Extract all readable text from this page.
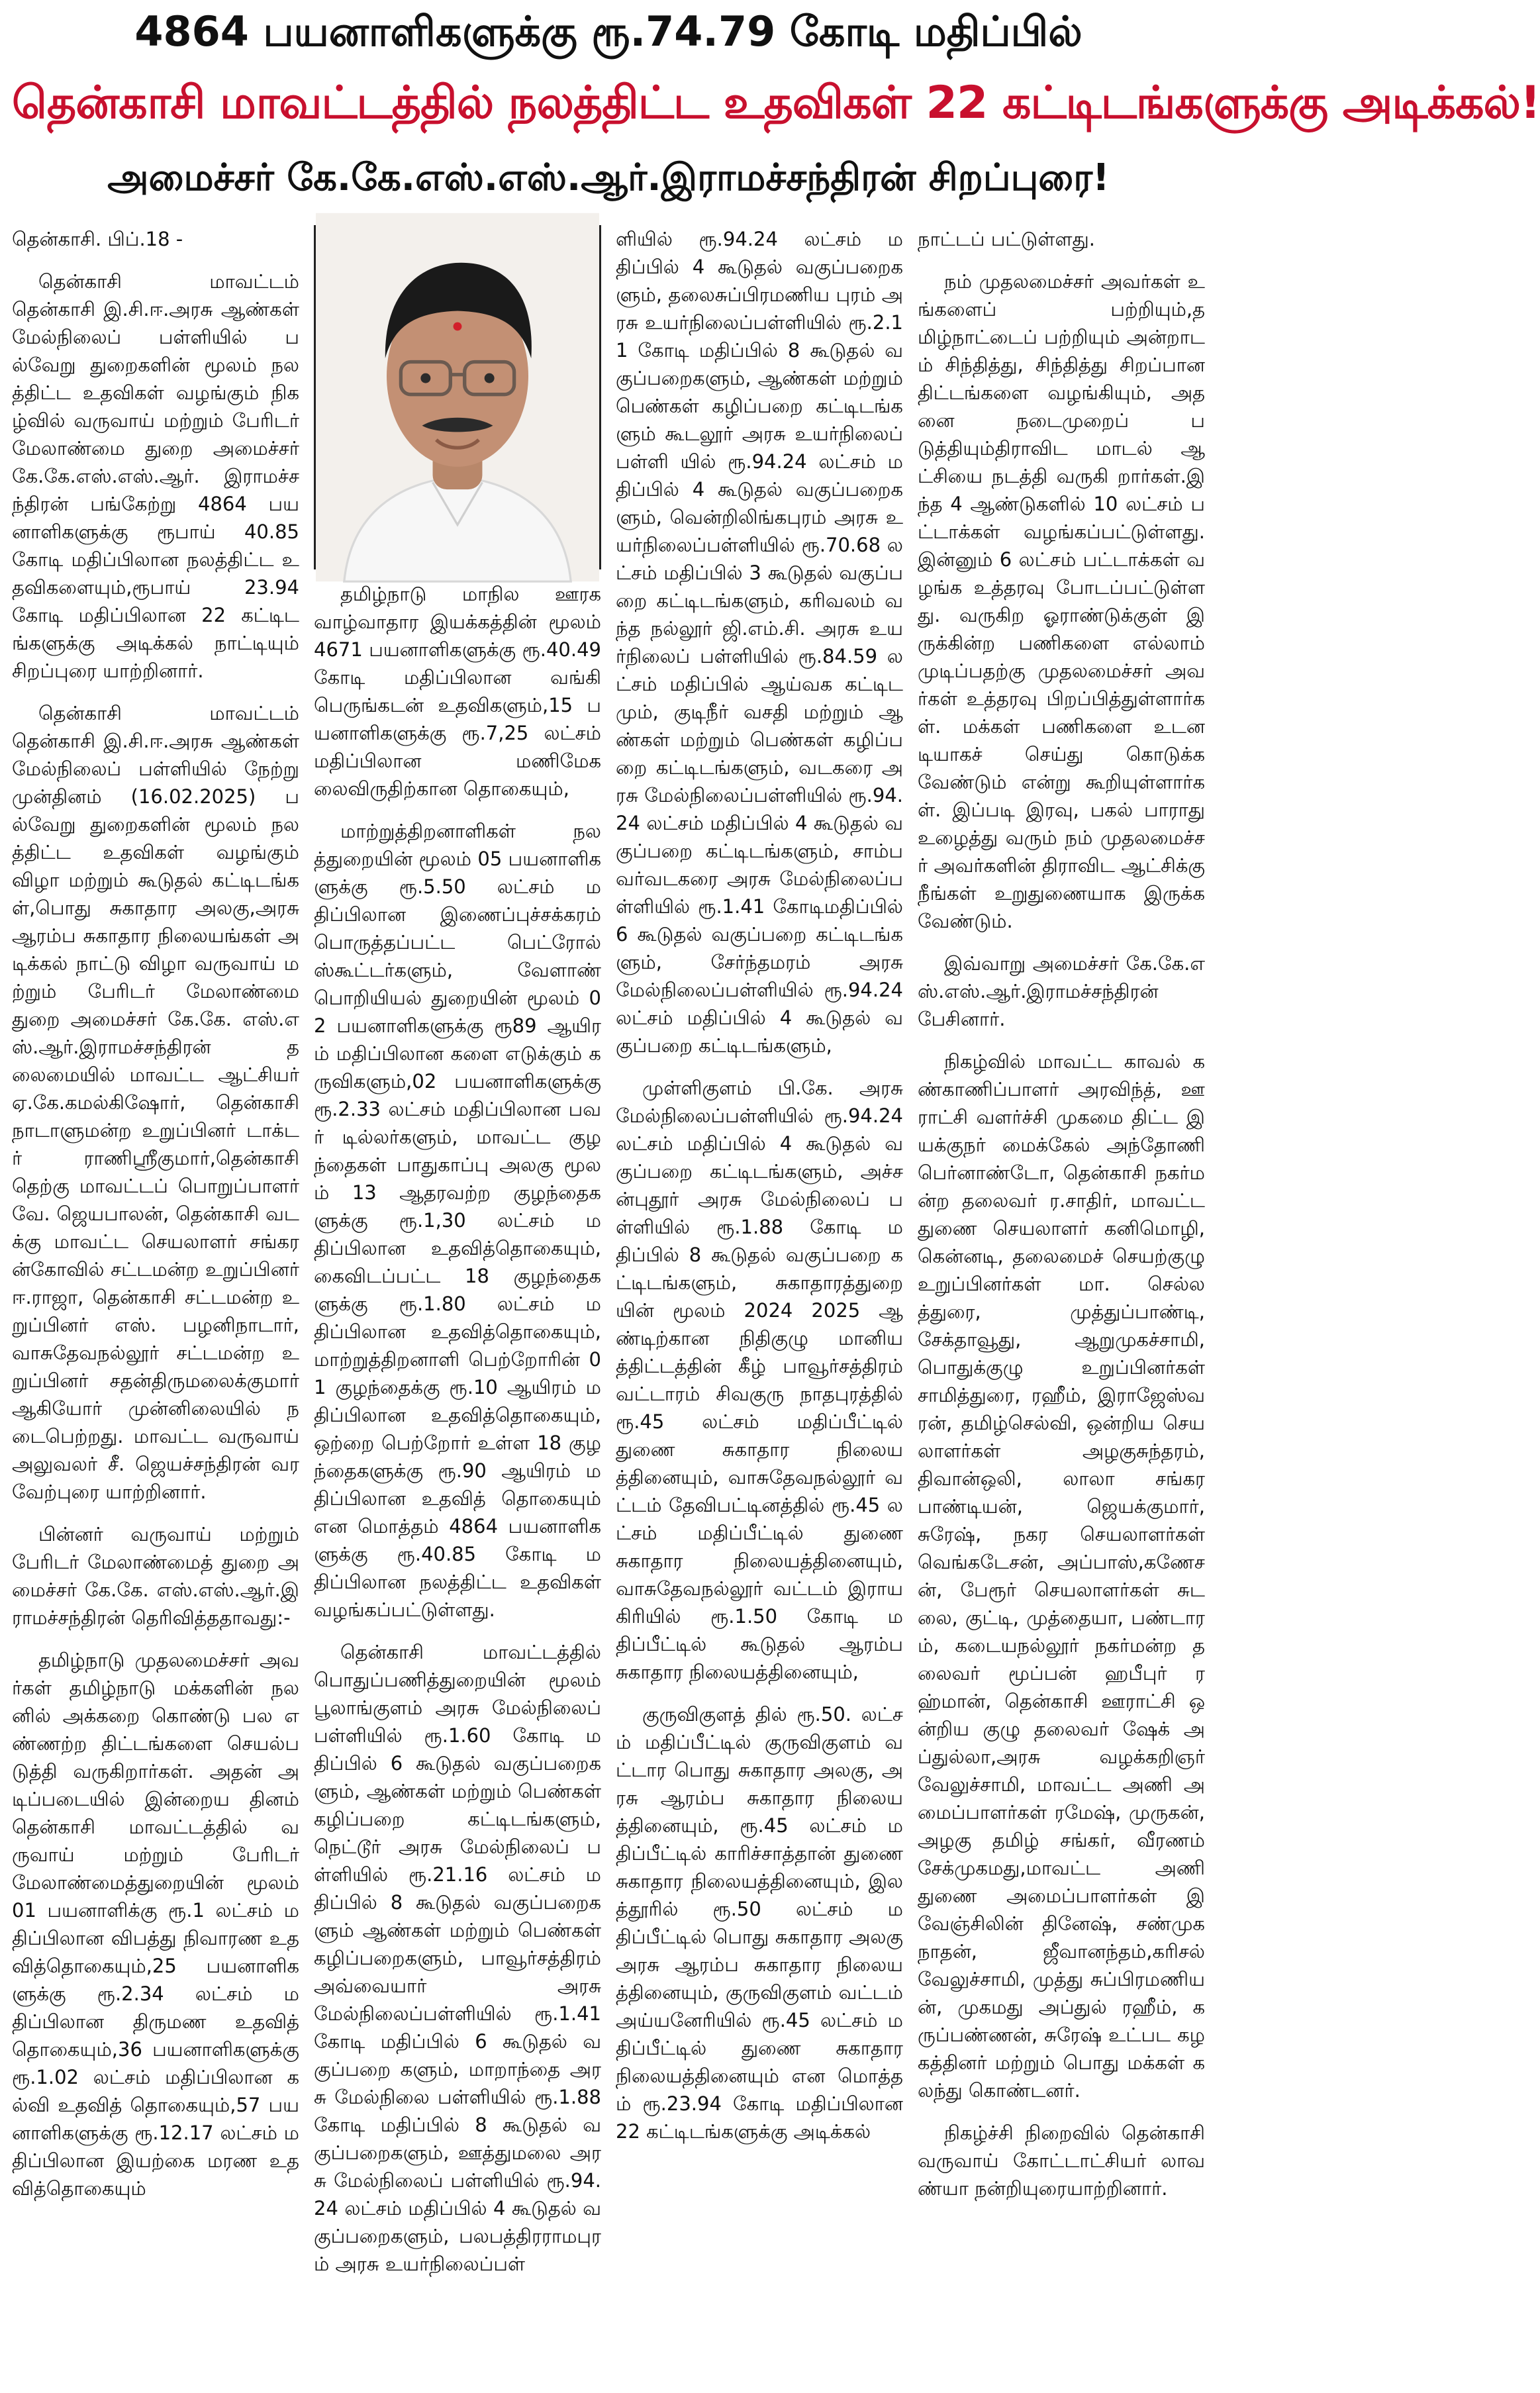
4864 பயனாளிகளுக்கு ரூ.74.79 கோடி மதிப்பில்
தென்காசி மாவட்டத்தில் நலத்திட்ட உதவிகள் 22 கட்டிடங்களுக்கு அடிக்கல்!
அமைச்சர் கே.கே.எஸ்.எஸ்.ஆர்.இராமச்சந்திரன் சிறப்புரை!

தென்காசி. பிப்.18 -

தென்காசி மாவட்டம் தென்காசி இ.சி.ஈ.அரசு ஆண்கள் மேல்நிலைப் பள்ளியில் பல்வேறு துறைகளின் மூலம் நலத்திட்ட உதவிகள் வழங்கும் நிகழ்வில் வருவாய் மற்றும் பேரிடர் மேலாண்மை துறை அமைச்சர் கே.கே.எஸ்.எஸ்.ஆர். இராமச்சந்திரன் பங்கேற்று 4864 பயனாளிகளுக்கு ரூபாய் 40.85 கோடி மதிப்பிலான நலத்திட்ட உதவிகளையும்,ரூபாய் 23.94 கோடி மதிப்பிலான 22 கட்டிடங்களுக்கு அடிக்கல் நாட்டியும் சிறப்புரை யாற்றினார்.

தென்காசி மாவட்டம் தென்காசி இ.சி.ஈ.அரசு ஆண்கள் மேல்நிலைப் பள்ளியில் நேற்று முன்தினம் (16.02.2025) பல்வேறு துறைகளின் மூலம் நலத்திட்ட உதவிகள் வழங்கும் விழா மற்றும் கூடுதல் கட்டிடங்கள்,பொது சுகாதார அலகு,அரசு ஆரம்ப சுகாதார நிலையங்கள் அடிக்கல் நாட்டு விழா வருவாய் மற்றும் பேரிடர் மேலாண்மை துறை அமைச்சர் கே.கே. எஸ்.எஸ்.ஆர்.இராமச்சந்திரன் தலைமையில் மாவட்ட ஆட்சியர் ஏ.கே.கமல்கிஷோர், தென்காசி நாடாளுமன்ற உறுப்பினர் டாக்டர் ராணிஸ்ரீகுமார்,தென்காசி தெற்கு மாவட்டப் பொறுப்பாளர் வே. ஜெயபாலன், தென்காசி வடக்கு மாவட்ட செயலாளர் சங்கரன்கோவில் சட்டமன்ற உறுப்பினர் ஈ.ராஜா, தென்காசி சட்டமன்ற உறுப்பினர் எஸ். பழனிநாடார், வாசுதேவநல்லூர் சட்டமன்ற உறுப்பினர் சதன்திருமலைக்குமார் ஆகியோர் முன்னிலையில் நடைபெற்றது. மாவட்ட வருவாய் அலுவலர் சீ. ஜெயச்சந்திரன் வரவேற்புரை யாற்றினார்.

பின்னர் வருவாய் மற்றும் பேரிடர் மேலாண்மைத் துறை அமைச்சர் கே.கே. எஸ்.எஸ்.ஆர்.இராமச்சந்திரன் தெரிவித்ததாவது:-

தமிழ்நாடு முதலமைச்சர் அவர்கள் தமிழ்நாடு மக்களின் நலனில் அக்கறை கொண்டு பல எண்ணற்ற திட்டங்களை செயல்படுத்தி வருகிறார்கள். அதன் அடிப்படையில் இன்றைய தினம் தென்காசி மாவட்டத்தில் வருவாய் மற்றும் பேரிடர் மேலாண்மைத்துறையின் மூலம் 01 பயனாளிக்கு ரூ.1 லட்சம் மதிப்பிலான விபத்து நிவாரண உதவித்தொகையும்,25 பயனாளிகளுக்கு ரூ.2.34 லட்சம் மதிப்பிலான திருமண உதவித் தொகையும்,36 பயனாளிகளுக்கு ரூ.1.02 லட்சம் மதிப்பிலான கல்வி உதவித் தொகையும்,57 பயனாளிகளுக்கு ரூ.12.17 லட்சம் மதிப்பிலான இயற்கை மரண உதவித்தொகையும்

தமிழ்நாடு மாநில ஊரக வாழ்வாதார இயக்கத்தின் மூலம் 4671 பயனாளிகளுக்கு ரூ.40.49 கோடி மதிப்பிலான வங்கி பெருங்கடன் உதவிகளும்,15 பயனாளிகளுக்கு ரூ.7,25 லட்சம் மதிப்பிலான மணிமேகலைவிருதிற்கான தொகையும்,

மாற்றுத்திறனாளிகள் நலத்துறையின் மூலம் 05 பயனாளிகளுக்கு ரூ.5.50 லட்சம் மதிப்பிலான இணைப்புச்சக்கரம் பொருத்தப்பட்ட பெட்ரோல் ஸ்கூட்டர்களும், வேளாண் பொறியியல் துறையின் மூலம் 02 பயனாளிகளுக்கு ரூ89 ஆயிரம் மதிப்பிலான களை எடுக்கும் கருவிகளும்,02 பயனாளிகளுக்கு ரூ.2.33 லட்சம் மதிப்பிலான பவர் டில்லர்களும், மாவட்ட குழந்தைகள் பாதுகாப்பு அலகு மூலம் 13 ஆதரவற்ற குழந்தைகளுக்கு ரூ.1,30 லட்சம் மதிப்பிலான உதவித்தொகையும், கைவிடப்பட்ட 18 குழந்தைகளுக்கு ரூ.1.80 லட்சம் மதிப்பிலான உதவித்தொகையும், மாற்றுத்திறனாளி பெற்றோரின் 01 குழந்தைக்கு ரூ.10 ஆயிரம் மதிப்பிலான உதவித்தொகையும், ஒற்றை பெற்றோர் உள்ள 18 குழந்தைகளுக்கு ரூ.90 ஆயிரம் மதிப்பிலான உதவித் தொகையும் என மொத்தம் 4864 பயனாளிகளுக்கு ரூ.40.85 கோடி மதிப்பிலான நலத்திட்ட உதவிகள் வழங்கப்பட்டுள்ளது.

தென்காசி மாவட்டத்தில் பொதுப்பணித்துறையின் மூலம் பூலாங்குளம் அரசு மேல்நிலைப் பள்ளியில் ரூ.1.60 கோடி மதிப்பில் 6 கூடுதல் வகுப்பறைகளும், ஆண்கள் மற்றும் பெண்கள் கழிப்பறை கட்டிடங்களும், நெட்டூர் அரசு மேல்நிலைப் பள்ளியில் ரூ.21.16 லட்சம் மதிப்பில் 8 கூடுதல் வகுப்பறைகளும் ஆண்கள் மற்றும் பெண்கள் கழிப்பறைகளும், பாவூர்சத்திரம் அவ்வையார் அரசு மேல்நிலைப்பள்ளியில் ரூ.1.41 கோடி மதிப்பில் 6 கூடுதல் வகுப்பறை களும், மாறாந்தை அரசு மேல்நிலை பள்ளியில் ரூ.1.88 கோடி மதிப்பில் 8 கூடுதல் வகுப்பறைகளும், ஊத்துமலை அரசு மேல்நிலைப் பள்ளியில் ரூ.94.24 லட்சம் மதிப்பில் 4 கூடுதல் வகுப்பறைகளும், பலபத்திரராமபுரம் அரசு உயர்நிலைப்பள்

ளியில் ரூ.94.24 லட்சம் மதிப்பில் 4 கூடுதல் வகுப்பறைகளும், தலைசுப்பிரமணிய புரம் அரசு உயர்நிலைப்பள்ளியில் ரூ.2.11 கோடி மதிப்பில் 8 கூடுதல் வகுப்பறைகளும், ஆண்கள் மற்றும் பெண்கள் கழிப்பறை கட்டிடங்களும் கூடலூர் அரசு உயர்நிலைப் பள்ளி யில் ரூ.94.24 லட்சம் மதிப்பில் 4 கூடுதல் வகுப்பறைகளும், வென்றிலிங்கபுரம் அரசு உயர்நிலைப்பள்ளியில் ரூ.70.68 லட்சம் மதிப்பில் 3 கூடுதல் வகுப்பறை கட்டிடங்களும், கரிவலம் வந்த நல்லூர் ஜி.எம்.சி. அரசு உயர்நிலைப் பள்ளியில் ரூ.84.59 லட்சம் மதிப்பில் ஆய்வக கட்டிடமும், குடிநீர் வசதி மற்றும் ஆண்கள் மற்றும் பெண்கள் கழிப்பறை கட்டிடங்களும், வடகரை அரசு மேல்நிலைப்பள்ளியில் ரூ.94.24 லட்சம் மதிப்பில் 4 கூடுதல் வகுப்பறை கட்டிடங்களும், சாம்பவர்வடகரை அரசு மேல்நிலைப்பள்ளியில் ரூ.1.41 கோடிமதிப்பில் 6 கூடுதல் வகுப்பறை கட்டிடங்களும், சேர்ந்தமரம் அரசு மேல்நிலைப்பள்ளியில் ரூ.94.24 லட்சம் மதிப்பில் 4 கூடுதல் வகுப்பறை கட்டிடங்களும்,

முள்ளிகுளம் பி.கே. அரசு மேல்நிலைப்பள்ளியில் ரூ.94.24 லட்சம் மதிப்பில் 4 கூடுதல் வகுப்பறை கட்டிடங்களும், அச்சன்புதூர் அரசு மேல்நிலைப் பள்ளியில் ரூ.1.88 கோடி மதிப்பில் 8 கூடுதல் வகுப்பறை கட்டிடங்களும், சுகாதாரத்துறை யின் மூலம் 2024 2025 ஆண்டிற்கான நிதிகுழு மானியத்திட்டத்தின் கீழ் பாவூர்சத்திரம் வட்டாரம் சிவகுரு நாதபுரத்தில் ரூ.45 லட்சம் மதிப்பீட்டில் துணை சுகாதார நிலையத்தினையும், வாசுதேவநல்லூர் வட்டம் தேவிபட்டினத்தில் ரூ.45 லட்சம் மதிப்பீட்டில் துணை சுகாதார நிலையத்தினையும், வாசுதேவநல்லூர் வட்டம் இராயகிரியில் ரூ.1.50 கோடி மதிப்பீட்டில் கூடுதல் ஆரம்ப சுகாதார நிலையத்தினையும்,

குருவிகுளத் தில் ரூ.50. லட்சம் மதிப்பீட்டில் குருவிகுளம் வட்டார பொது சுகாதார அலகு, அரசு ஆரம்ப சுகாதார நிலையத்தினையும், ரூ.45 லட்சம் மதிப்பீட்டில் காரிச்சாத்தான் துணை சுகாதார நிலையத்தினையும், இலத்தூரில் ரூ.50 லட்சம் மதிப்பீட்டில் பொது சுகாதார அலகு அரசு ஆரம்ப சுகாதார நிலையத்தினையும், குருவிகுளம் வட்டம் அய்யனேரியில் ரூ.45 லட்சம் மதிப்பீட்டில் துணை சுகாதார நிலையத்தினையும் என மொத்தம் ரூ.23.94 கோடி மதிப்பிலான 22 கட்டிடங்களுக்கு அடிக்கல்

நாட்டப் பட்டுள்ளது.

நம் முதலமைச்சர் அவர்கள் உங்களைப் பற்றியும்,தமிழ்நாட்டைப் பற்றியும் அன்றாடம் சிந்தித்து, சிந்தித்து சிறப்பான திட்டங்களை வழங்கியும், அதனை நடைமுறைப் படுத்தியும்திராவிட மாடல் ஆட்சியை நடத்தி வருகி றார்கள்.இந்த 4 ஆண்டுகளில் 10 லட்சம் பட்டாக்கள் வழங்கப்பட்டுள்ளது. இன்னும் 6 லட்சம் பட்டாக்கள் வழங்க உத்தரவு போடப்பட்டுள்ளது. வருகிற ஓராண்டுக்குள் இருக்கின்ற பணிகளை எல்லாம் முடிப்பதற்கு முதலமைச்சர் அவர்கள் உத்தரவு பிறப்பித்துள்ளார்கள். மக்கள் பணிகளை உடனடியாகச் செய்து கொடுக்க வேண்டும் என்று கூறியுள்ளார்கள். இப்படி இரவு, பகல் பாராது உழைத்து வரும் நம் முதலமைச்சர் அவர்களின் திராவிட ஆட்சிக்கு நீங்கள் உறுதுணையாக இருக்க வேண்டும்.

இவ்வாறு அமைச்சர் கே.கே.எஸ்.எஸ்.ஆர்.இராமச்சந்திரன் பேசினார்.

நிகழ்வில் மாவட்ட காவல் கண்காணிப்பாளர் அரவிந்த், ஊராட்சி வளர்ச்சி முகமை திட்ட இயக்குநர் மைக்கேல் அந்தோணி பெர்னாண்டோ, தென்காசி நகர்மன்ற தலைவர் ர.சாதிர், மாவட்ட துணை செயலாளர் கனிமொழி, கென்னடி, தலைமைச் செயற்குழு உறுப்பினர்கள் மா. செல்லத்துரை, முத்துப்பாண்டி, சேக்தாவூது, ஆறுமுகச்சாமி, பொதுக்குழு உறுப்பினர்கள் சாமித்துரை, ரஹீம், இராஜேஸ்வரன், தமிழ்செல்வி, ஒன்றிய செயலாளர்கள் அழகுசுந்தரம், திவான்ஒலி, லாலா சங்கரபாண்டியன், ஜெயக்குமார், சுரேஷ், நகர செயலாளர்கள் வெங்கடேசன், அப்பாஸ்,கணேசன், பேரூர் செயலாளர்கள் சுடலை, குட்டி, முத்தையா, பண்டாரம், கடையநல்லூர் நகர்மன்ற தலைவர் மூப்பன் ஹபீபுர் ரஹ்மான், தென்காசி ஊராட்சி ஒன்றிய குழு தலைவர் ஷேக் அப்துல்லா,அரசு வழக்கறிஞர் வேலுச்சாமி, மாவட்ட அணி அமைப்பாளர்கள் ரமேஷ், முருகன், அழகு தமிழ் சங்கர், வீரணம் சேக்முகமது,மாவட்ட அணி துணை அமைப்பாளர்கள் இவேஞ்சிலின் தினேஷ், சண்முகநாதன், ஜீவானந்தம்,கரிசல் வேலுச்சாமி, முத்து சுப்பிரமணியன், முகமது அப்துல் ரஹீம், கருப்பண்ணன், சுரேஷ் உட்பட கழகத்தினர் மற்றும் பொது மக்கள் கலந்து கொண்டனர்.

நிகழ்ச்சி நிறைவில் தென்காசி வருவாய் கோட்டாட்சியர் லாவண்யா நன்றியுரையாற்றினார்.
